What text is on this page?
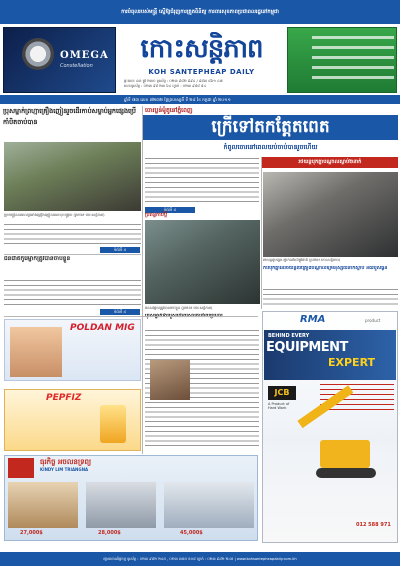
ការបំពុលរបស់មន្ត្រី ស្នើឱ្យជំរុញការត្រួតពិនិត្យ ការពារសុខភាពប្រជាពលរដ្ឋនៅកម្ពុជា
OMEGA
Constellation
កោះសន្តិភាព
KOH SANTEPHEAP DAILY
ផ្ទះលេខ ៤៣ ផ្លូវ ២៣០ ទូរស័ព្ទ : ០២៣ ៩៨២ ៩៩៤ / ៩៨៣ ៨៦១ ៤៧
លេខទូរស័ព្ទ : ០២៣ ៩៨ ២៣ ៦៤ ហ្វាក់ : ០២៣ ៩៨៨ ៨៤
ឆ្នាំទី ៧៣ លេខ ៧២៣២ ថ្ងៃព្រហស្បតិ៍ ទី ២៨ ខែ កក្កដា ឆ្នាំ ២០១១
ប្រុសម្នាក់ព្រហ្មាគ្រឿងញៀនរួចដើរកាប់សម្លាប់អ្នកផ្សេងប្រើកាំបិតចាប់បាន
ក្រុមមន្ត្រីនគរបាលប្រឆាំងគ្រឿងញៀនពេលចុះបង្ក្រាប (រូបថត៖ កោះសន្តិភាព)
ទំព័រទី ៤
ជនជាតិកូរ៉េម្នាក់ត្រូវបានចាប់ខ្លួន
ទំព័រទី ៤
ចោរប្លន់ម៉ូតូនៅភ្នំពេញ
ក្រើទៅតកត្តែតពេត
កំពូលចោរនៅពេលយប់ចាប់បានរួចហើយ
រថយន្តបុកគ្នាបណ្ដាលស្លាប់២នាក់
ទំព័រទី ៤
ប្រពន្ធកាប់ប្ដី
រថយន្តជួបគ្រោះថ្នាក់នៅលើផ្លូវជាតិ (រូបថត៖ កោះសន្តិភាព)
ការបុកគ្នានៃរថយន្តពីរគ្រឿងបណ្ដាលឱ្យមនុស្សពីរនាក់ស្លាប់ និងរបួសធ្ងន់
ជនសង្ស័យត្រូវបានចាប់ខ្លួន (រូបថត៖ កោះសន្តិភាព)
POLDAN MIG
PEPFIZ
ធុរកិច្ច អចលនទ្រព្យ
KINDY LIM TRIANGNA
27,000$	28,000$	45,000$
product
RMA
BEHIND EVERY
EQUIPMENT
EXPERT
JCB
A Product of Hard Work
012 588 971
ផ្សាយពាណិជ្ជកម្ម ទូរស័ព្ទ : ០២៣ ៩៨២ ២៤៥ , ០២៣ ៣៥៥ ៥០៨ ហ្វាក់ : ០២៣ ៩៨២ ២៤៥ | www.kohsantepheapdaily.com.kh
